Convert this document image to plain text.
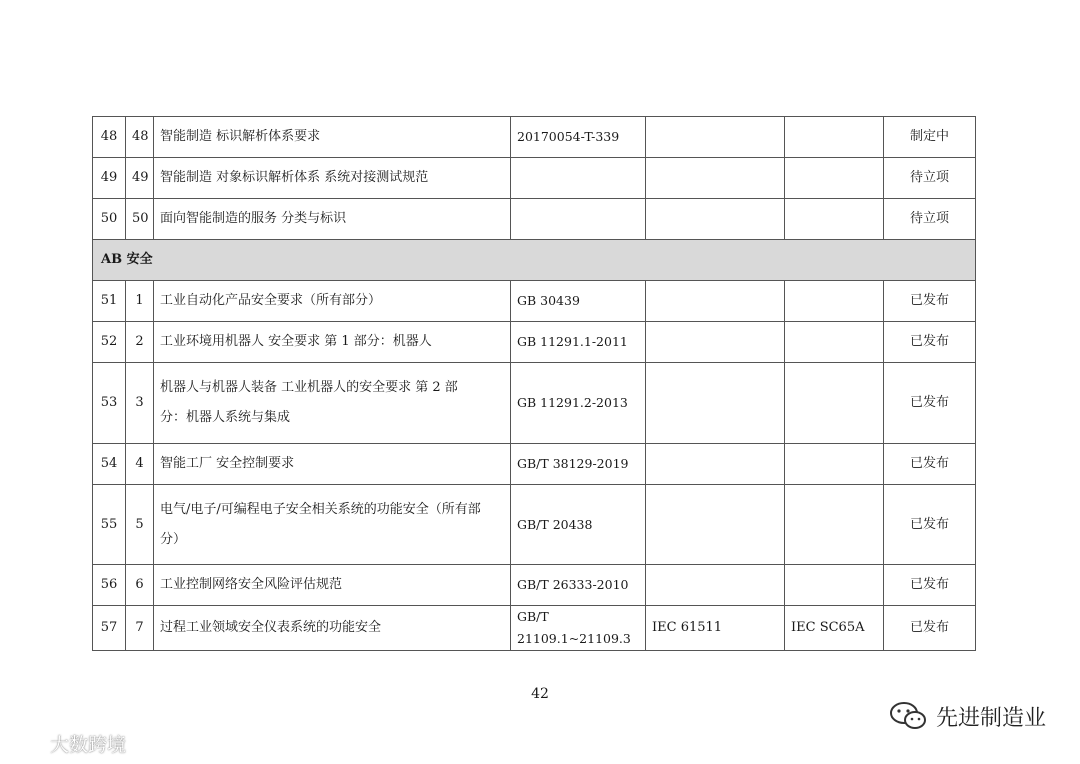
48	48	智能制造 标识解析体系要求	20170054-T-339			制定中
49	49	智能制造 对象标识解析体系 系统对接测试规范				待立项
50	50	面向智能制造的服务 分类与标识				待立项
AB 安全						
51	1	工业自动化产品安全要求（所有部分）	GB 30439			已发布
52	2	工业环境用机器人 安全要求 第 1 部分：机器人	GB 11291.1-2011			已发布
53	3	机器人与机器人装备 工业机器人的安全要求 第 2 部
分：机器人系统与集成	GB 11291.2-2013			已发布
54	4	智能工厂 安全控制要求	GB/T 38129-2019			已发布
55	5	电气/电子/可编程电子安全相关系统的功能安全（所有部
分）	GB/T 20438			已发布
56	6	工业控制网络安全风险评估规范	GB/T 26333-2010			已发布
57	7	过程工业领域安全仪表系统的功能安全	GB/T
21109.1~21109.3	IEC 61511	IEC SC65A	已发布
42
大数跨境
先进制造业
